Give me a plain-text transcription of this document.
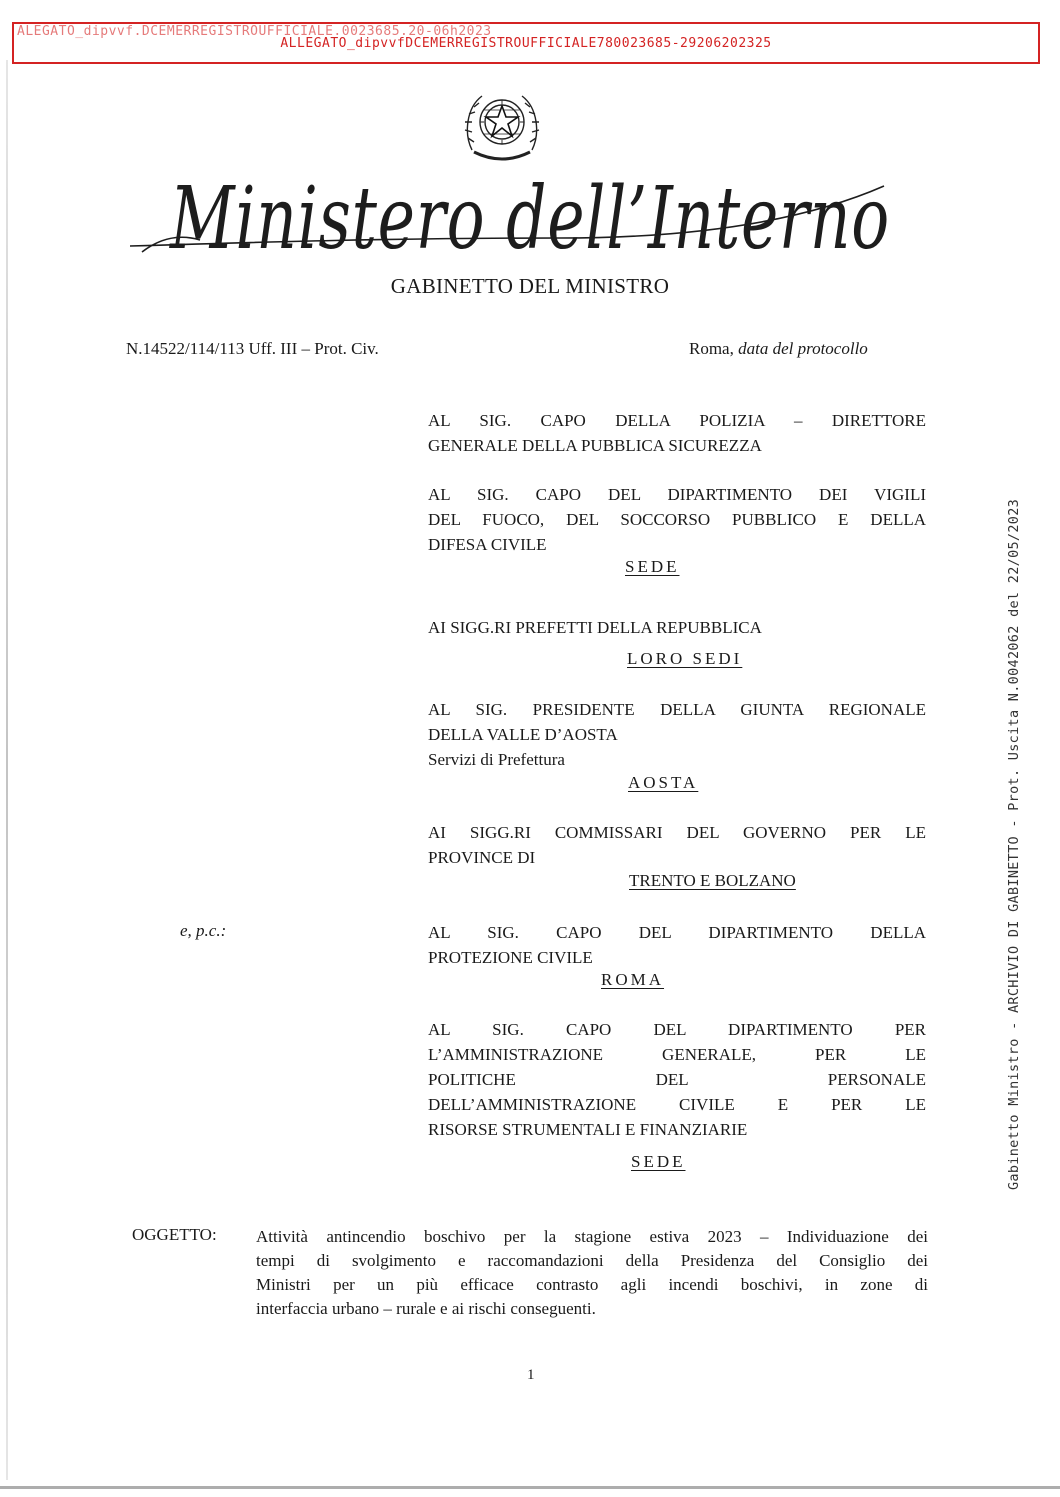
ALLEGATO_dipvvfDCEMERREGISTROUFFICIALE780023685-29206202325
ALEGATO_dipvvf.DCEMERREGISTROUFFICIALE.0023685.20-06h2023
Ministero dell’Interno
GABINETTO DEL MINISTRO
N.14522/114/113 Uff. III – Prot. Civ.	Roma, data del protocollo
AL SIG. CAPO DELLA POLIZIA – DIRETTORE
GENERALE DELLA PUBBLICA SICUREZZA
AL SIG. CAPO DEL DIPARTIMENTO DEI VIGILI
DEL FUOCO, DEL SOCCORSO PUBBLICO E DELLA
DIFESA CIVILE
SEDE
AI SIGG.RI PREFETTI DELLA REPUBBLICA
LORO SEDI
AL SIG. PRESIDENTE DELLA GIUNTA REGIONALE
DELLA VALLE D’AOSTA
Servizi di Prefettura
AOSTA
AI SIGG.RI COMMISSARI DEL GOVERNO PER LE
PROVINCE DI
TRENTO E BOLZANO
e, p.c.:	AL SIG. CAPO DEL DIPARTIMENTO DELLA
PROTEZIONE CIVILE
ROMA
AL SIG. CAPO DEL DIPARTIMENTO PER
L’AMMINISTRAZIONE GENERALE, PER LE
POLITICHE DEL PERSONALE
DELL’AMMINISTRAZIONE CIVILE E PER LE
RISORSE STRUMENTALI E FINANZIARIE
SEDE	Gabinetto Ministro - ARCHIVIO DI GABINETTO - Prot. Uscita N.0042062 del 22/05/2023
OGGETTO: Attività antincendio boschivo per la stagione estiva 2023 – Individuazione dei
tempi di svolgimento e raccomandazioni della Presidenza del Consiglio dei
Ministri per un più efficace contrasto agli incendi boschivi, in zone di
interfaccia urbano – rurale e ai rischi conseguenti.
1
